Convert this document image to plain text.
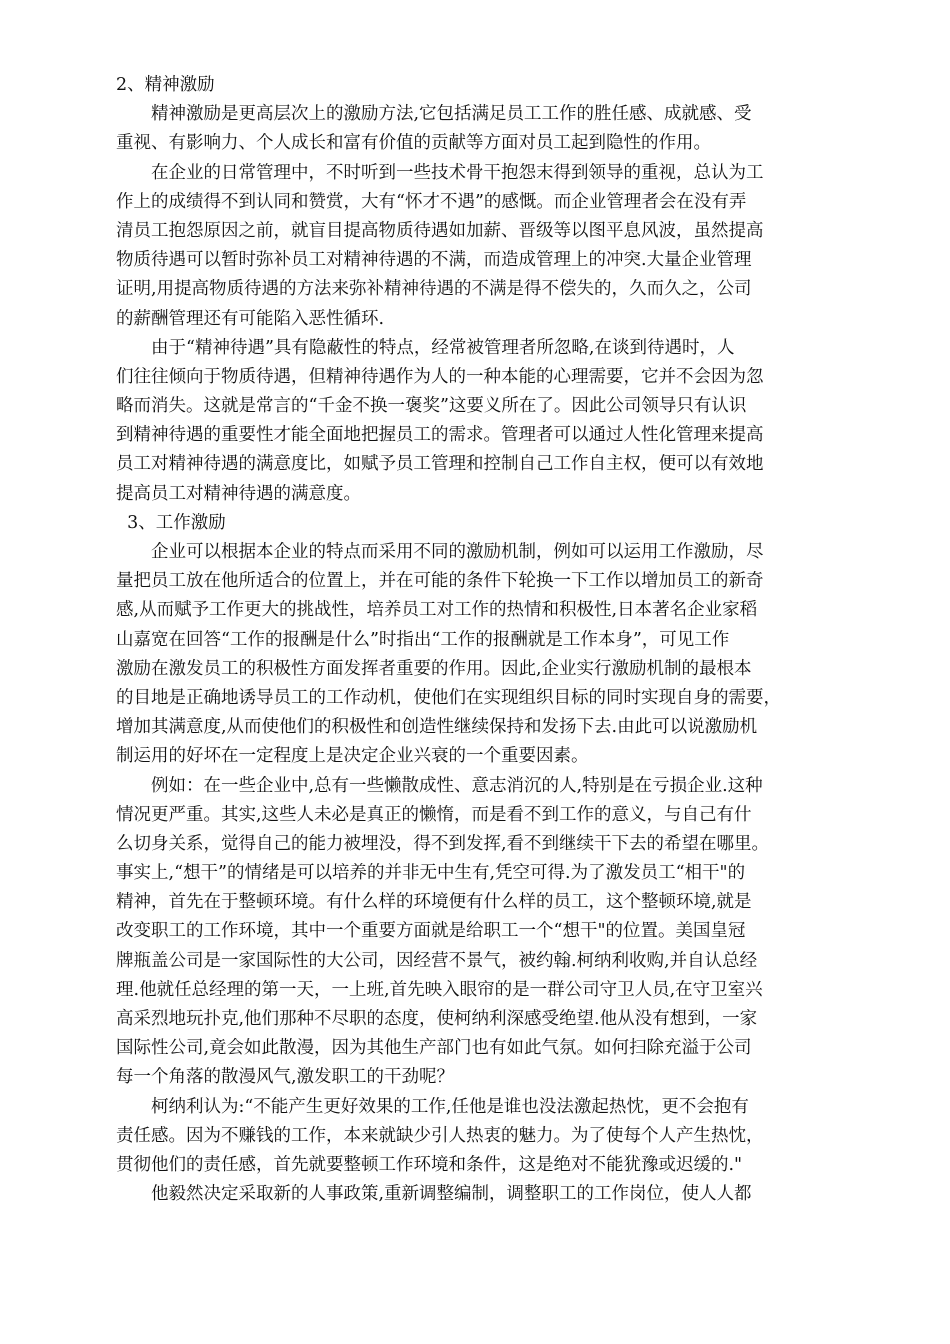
2、精神激励
精神激励是更高层次上的激励方法,它包括满足员工工作的胜任感、成就感、受
重视、有影响力、个人成长和富有价值的贡献等方面对员工起到隐性的作用。
在企业的日常管理中，不时听到一些技术骨干抱怨末得到领导的重视，总认为工
作上的成绩得不到认同和赞赏，大有“怀才不遇”的感慨。而企业管理者会在没有弄
清员工抱怨原因之前，就盲目提高物质待遇如加薪、晋级等以图平息风波，虽然提高
物质待遇可以暂时弥补员工对精神待遇的不满，而造成管理上的冲突.大量企业管理
证明,用提高物质待遇的方法来弥补精神待遇的不满是得不偿失的，久而久之，公司
的薪酬管理还有可能陷入恶性循环.
由于“精神待遇”具有隐蔽性的特点，经常被管理者所忽略,在谈到待遇时，人
们往往倾向于物质待遇，但精神待遇作为人的一种本能的心理需要，它并不会因为忽
略而消失。这就是常言的“千金不换一褒奖”这要义所在了。因此公司领导只有认识
到精神待遇的重要性才能全面地把握员工的需求。管理者可以通过人性化管理来提高
员工对精神待遇的满意度比，如赋予员工管理和控制自己工作自主权，便可以有效地
提高员工对精神待遇的满意度。
3、工作激励
企业可以根据本企业的特点而采用不同的激励机制，例如可以运用工作激励，尽
量把员工放在他所适合的位置上，并在可能的条件下轮换一下工作以增加员工的新奇
感,从而赋予工作更大的挑战性，培养员工对工作的热情和积极性,日本著名企业家稻
山嘉宽在回答“工作的报酬是什么”时指出“工作的报酬就是工作本身”，可见工作
激励在激发员工的积极性方面发挥者重要的作用。因此,企业实行激励机制的最根本
的目地是正确地诱导员工的工作动机，使他们在实现组织目标的同时实现自身的需要，
增加其满意度,从而使他们的积极性和创造性继续保持和发扬下去.由此可以说激励机
制运用的好坏在一定程度上是决定企业兴衰的一个重要因素。
例如：在一些企业中,总有一些懒散成性、意志消沉的人,特别是在亏损企业.这种
情况更严重。其实,这些人未必是真正的懒惰，而是看不到工作的意义，与自己有什
么切身关系，觉得自己的能力被埋没，得不到发挥,看不到继续干下去的希望在哪里。
事实上,“想干”的情绪是可以培养的并非无中生有,凭空可得.为了激发员工“相干"的
精神，首先在于整顿环境。有什么样的环境便有什么样的员工，这个整顿环境,就是
改变职工的工作环境，其中一个重要方面就是给职工一个“想干"的位置。美国皇冠
牌瓶盖公司是一家国际性的大公司，因经营不景气，被约翰.柯纳利收购,并自认总经
理.他就任总经理的第一天，一上班,首先映入眼帘的是一群公司守卫人员,在守卫室兴
高采烈地玩扑克,他们那种不尽职的态度，使柯纳利深感受绝望.他从没有想到，一家
国际性公司,竟会如此散漫，因为其他生产部门也有如此气氛。如何扫除充溢于公司
每一个角落的散漫风气,激发职工的干劲呢？
柯纳利认为:“不能产生更好效果的工作,任他是谁也没法激起热忱，更不会抱有
责任感。因为不赚钱的工作，本来就缺少引人热衷的魅力。为了使每个人产生热忱，
贯彻他们的责任感，首先就要整顿工作环境和条件，这是绝对不能犹豫或迟缓的."
他毅然决定采取新的人事政策,重新调整编制，调整职工的工作岗位，使人人都
